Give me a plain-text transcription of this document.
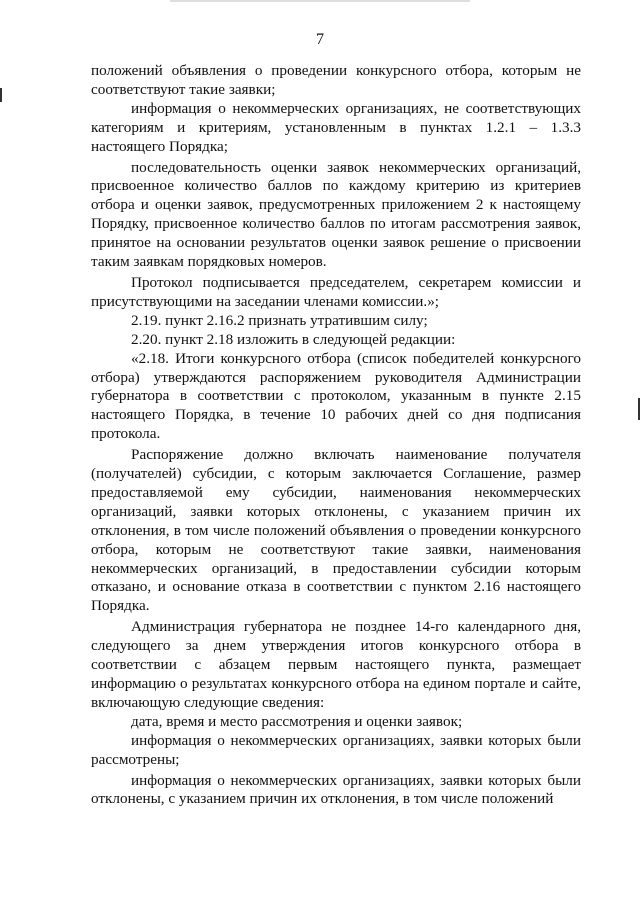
7

положений объявления о проведении конкурсного отбора, которым не соответствуют такие заявки;

информация о некоммерческих организациях, не соответствующих категориям и критериям, установленным в пунктах 1.2.1 – 1.3.3 настоящего Порядка;

последовательность оценки заявок некоммерческих организаций, присвоенное количество баллов по каждому критерию из критериев отбора и оценки заявок, предусмотренных приложением 2 к настоящему Порядку, присвоенное количество баллов по итогам рассмотрения заявок, принятое на основании результатов оценки заявок решение о присвоении таким заявкам порядковых номеров.

Протокол подписывается председателем, секретарем комиссии и присутствующими на заседании членами комиссии.»;

2.19. пункт 2.16.2 признать утратившим силу;

2.20. пункт 2.18 изложить в следующей редакции:

«2.18. Итоги конкурсного отбора (список победителей конкурсного отбора) утверждаются распоряжением руководителя Администрации губернатора в соответствии с протоколом, указанным в пункте 2.15 настоящего Порядка, в течение 10 рабочих дней со дня подписания протокола.

Распоряжение должно включать наименование получателя (получателей) субсидии, с которым заключается Соглашение, размер предоставляемой ему субсидии, наименования некоммерческих организаций, заявки которых отклонены, с указанием причин их отклонения, в том числе положений объявления о проведении конкурсного отбора, которым не соответствуют такие заявки, наименования некоммерческих организаций, в предоставлении субсидии которым отказано, и основание отказа в соответствии с пунктом 2.16 настоящего Порядка.

Администрация губернатора не позднее 14-го календарного дня, следующего за днем утверждения итогов конкурсного отбора в соответствии с абзацем первым настоящего пункта, размещает информацию о результатах конкурсного отбора на едином портале и сайте, включающую следующие сведения:

дата, время и место рассмотрения и оценки заявок;

информация о некоммерческих организациях, заявки которых были рассмотрены;

информация о некоммерческих организациях, заявки которых были отклонены, с указанием причин их отклонения, в том числе положений
